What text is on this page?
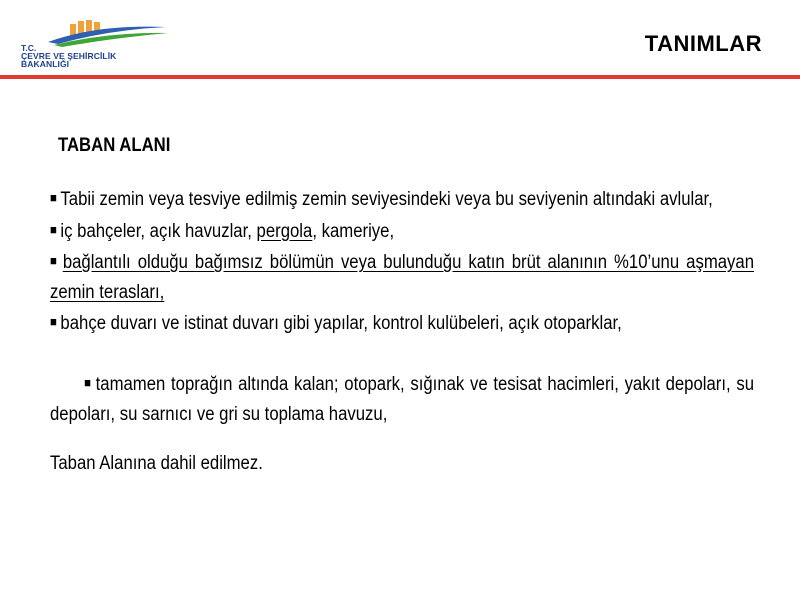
T.C.
ÇEVRE VE ŞEHİRCİLİK
BAKANLIĞI
TANIMLAR
TABAN ALANI

■ Tabii zemin veya tesviye edilmiş zemin seviyesindeki veya bu seviyenin altındaki avlular,

■ iç bahçeler, açık havuzlar, pergola, kameriye,

■ bağlantılı olduğu bağımsız bölümün veya bulunduğu katın brüt alanının %10’unu aşmayan zemin terasları,

■ bahçe duvarı ve istinat duvarı gibi yapılar, kontrol kulübeleri, açık otoparklar,

■ tamamen toprağın altında kalan; otopark, sığınak ve tesisat hacimleri, yakıt depoları, su    depoları, su sarnıcı ve gri su toplama havuzu,

Taban Alanına dahil edilmez.
